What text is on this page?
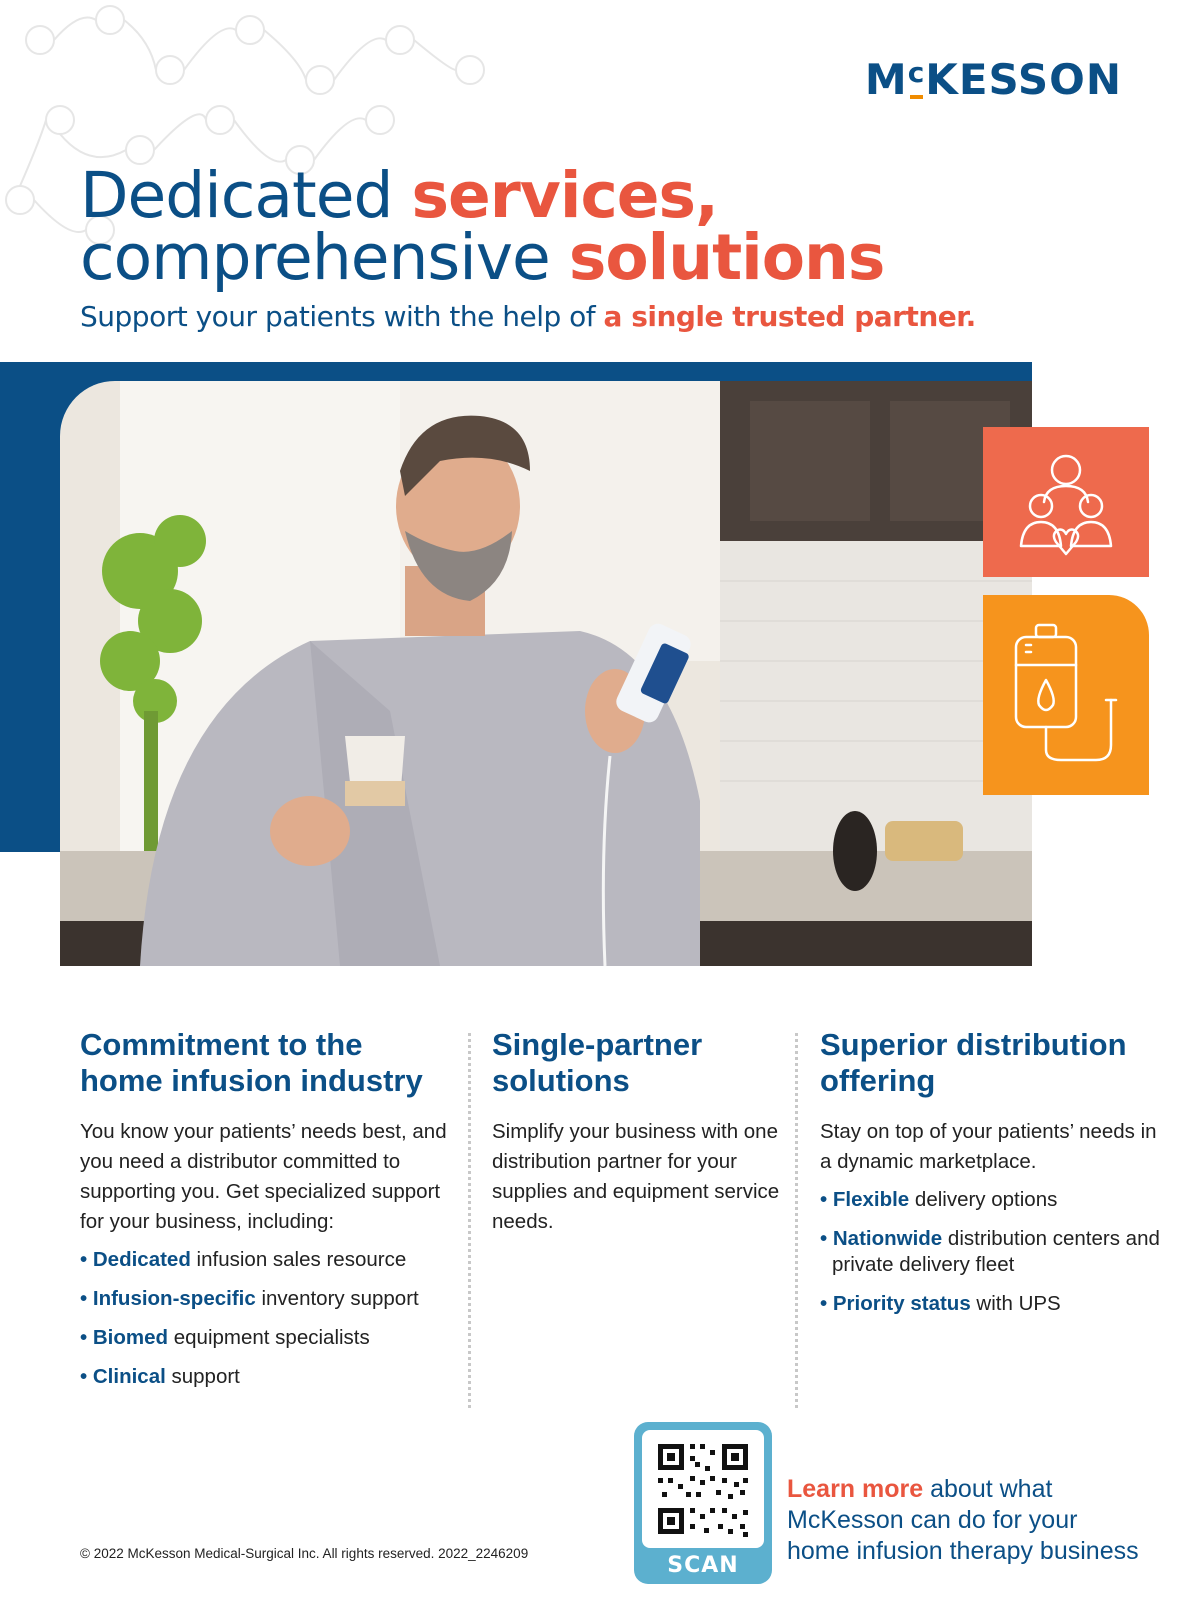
$M^cKESSON$
Dedicated services,
comprehensive solutions
Support your patients with the help of a single trusted partner.
Commitment to the home infusion industry

You know your patients’ needs best, and you need a distributor committed to supporting you. Get specialized support for your business, including:

• Dedicated infusion sales resource
• Infusion-specific inventory support
• Biomed equipment specialists
• Clinical support
Single-partner solutions

Simplify your business with one distribution partner for your supplies and equipment service needs.

Superior distribution offering

Stay on top of your patients’ needs in a dynamic marketplace.

• Flexible delivery options
• Nationwide distribution centers and private delivery fleet
• Priority status with UPS
© 2022 McKesson Medical-Surgical Inc. All rights reserved. 2022_2246209	SCAN
Learn more about what
McKesson can do for your
home infusion therapy business
